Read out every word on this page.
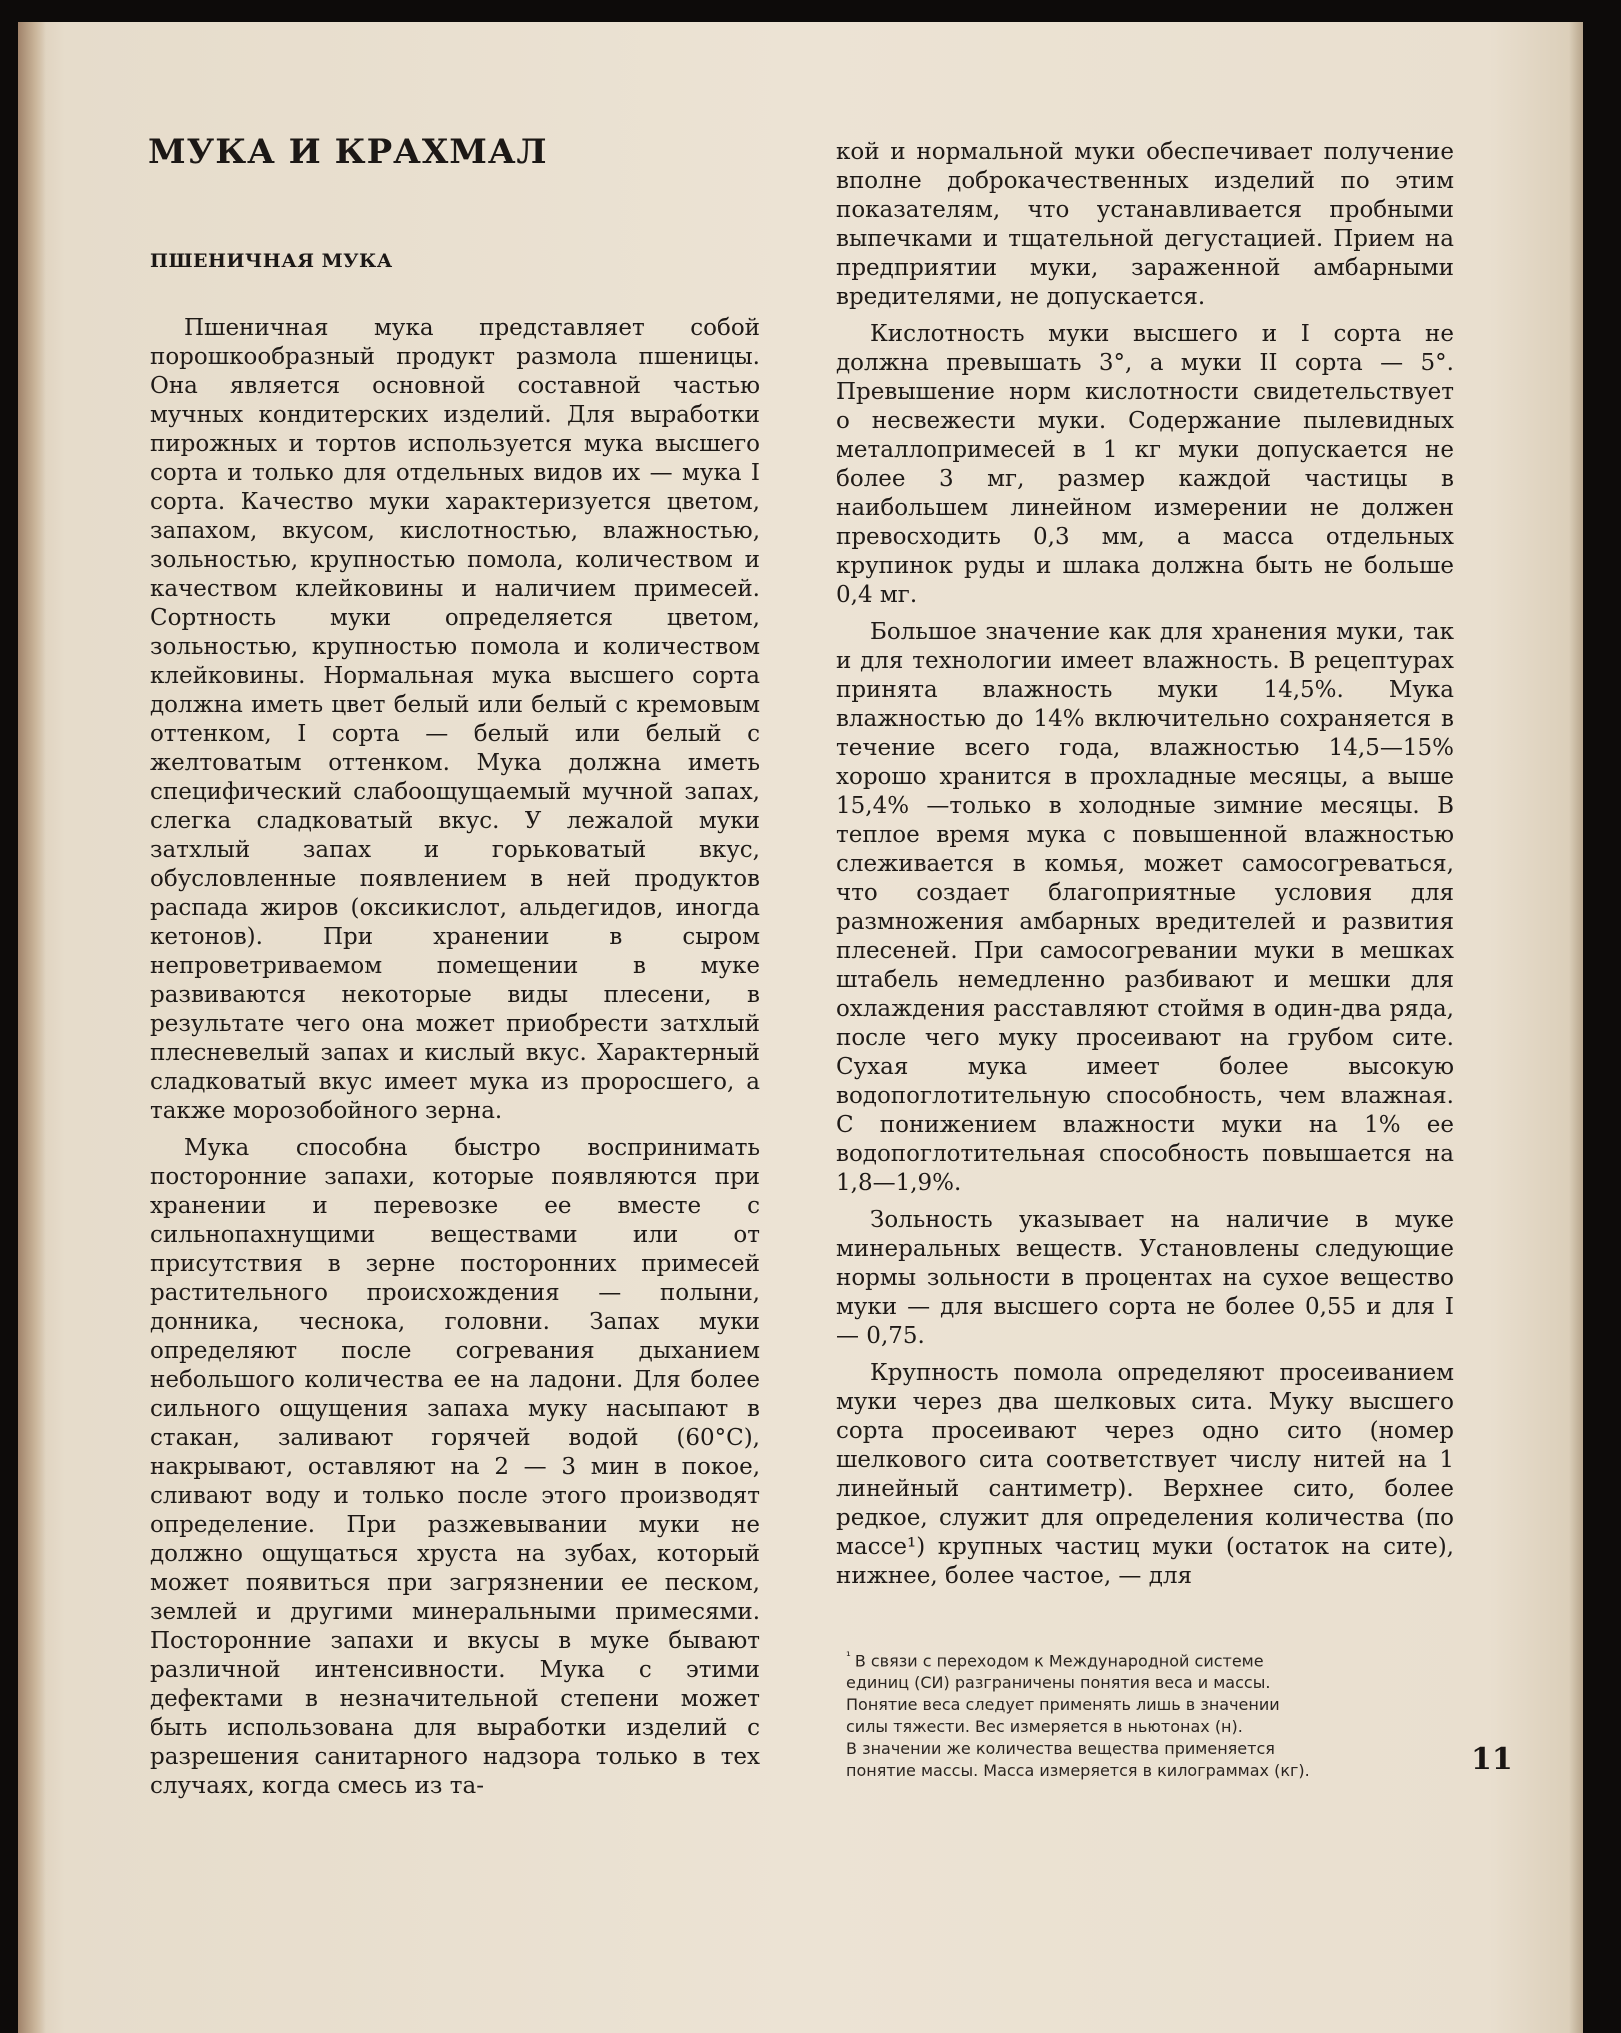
МУКА И КРАХМАЛ
ПШЕНИЧНАЯ МУКА

Пшеничная мука представляет собой порошкообразный продукт размола пшеницы. Она является основной составной частью мучных кондитерских изделий. Для выработки пирожных и тортов используется мука высшего сорта и только для отдельных видов их — мука I сорта. Качество муки характеризуется цветом, запахом, вкусом, кислотностью, влажностью, зольностью, крупностью помола, количеством и качеством клейковины и наличием примесей. Сортность муки определяется цветом, зольностью, крупностью помола и количеством клейковины. Нормальная мука высшего сорта должна иметь цвет белый или белый с кремовым оттенком, I сорта — белый или белый с желтоватым оттенком. Мука должна иметь специфический слабоощущаемый мучной запах, слегка сладковатый вкус. У лежалой муки затхлый запах и горьковатый вкус, обусловленные появлением в ней продуктов распада жиров (оксикислот, альдегидов, иногда кетонов). При хранении в сыром непроветриваемом помещении в муке развиваются некоторые виды плесени, в результате чего она может приобрести затхлый плесневелый запах и кислый вкус. Характерный сладковатый вкус имеет мука из проросшего, а также морозобойного зерна.

Мука способна быстро воспринимать посторонние запахи, которые появляются при хранении и перевозке ее вместе с сильнопахнущими веществами или от присутствия в зерне посторонних примесей растительного происхождения — полыни, донника, чеснока, головни. Запах муки определяют после согревания дыханием небольшого количества ее на ладони. Для более сильного ощущения запаха муку насыпают в стакан, заливают горячей водой (60°C), накрывают, оставляют на 2 — 3 мин в покое, сливают воду и только после этого производят определение. При разжевывании муки не должно ощущаться хруста на зубах, который может появиться при загрязнении ее песком, землей и другими минеральными примесями. Посторонние запахи и вкусы в муке бывают различной интенсивности. Мука с этими дефектами в незначительной степени может быть использована для выработки изделий с разрешения санитарного надзора только в тех случаях, когда смесь из та-

кой и нормальной муки обеспечивает получение вполне доброкачественных изделий по этим показателям, что устанавливается пробными выпечками и тщательной дегустацией. Прием на предприятии муки, зараженной амбарными вредителями, не допускается.

Кислотность муки высшего и I сорта не должна превышать 3°, а муки II сорта — 5°. Превышение норм кислотности свидетельствует о несвежести муки. Содержание пылевидных металлопримесей в 1 кг муки допускается не более 3 мг, размер каждой частицы в наибольшем линейном измерении не должен превосходить 0,3 мм, а масса отдельных крупинок руды и шлака должна быть не больше 0,4 мг.

Большое значение как для хранения муки, так и для технологии имеет влажность. В рецептурах принята влажность муки 14,5%. Мука влажностью до 14% включительно сохраняется в течение всего года, влажностью 14,5—15% хорошо хранится в прохладные месяцы, а выше 15,4% —только в холодные зимние месяцы. В теплое время мука с повышенной влажностью слеживается в комья, может самосогреваться, что создает благоприятные условия для размножения амбарных вредителей и развития плесеней. При самосогревании муки в мешках штабель немедленно разбивают и мешки для охлаждения расставляют стоймя в один-два ряда, после чего муку просеивают на грубом сите. Сухая мука имеет более высокую водопоглотительную способность, чем влажная. С понижением влажности муки на 1% ее водопоглотительная способность повышается на 1,8—1,9%.

Зольность указывает на наличие в муке минеральных веществ. Установлены следующие нормы зольности в процентах на сухое вещество муки — для высшего сорта не более 0,55 и для I — 0,75.

Крупность помола определяют просеиванием муки через два шелковых сита. Муку высшего сорта просеивают через одно сито (номер шелкового сита соответствует числу нитей на 1 линейный сантиметр). Верхнее сито, более редкое, служит для определения количества (по массе¹) крупных частиц муки (остаток на сите), нижнее, более частое, — для

$^{^1}$ В связи с переходом к Международной системе
единиц (СИ) разграничены понятия веса и массы.
Понятие веса следует применять лишь в значении
силы тяжести. Вес измеряется в ньютонах (н).
В значении же количества вещества применяется
понятие массы. Масса измеряется в килограммах (кг).	11
